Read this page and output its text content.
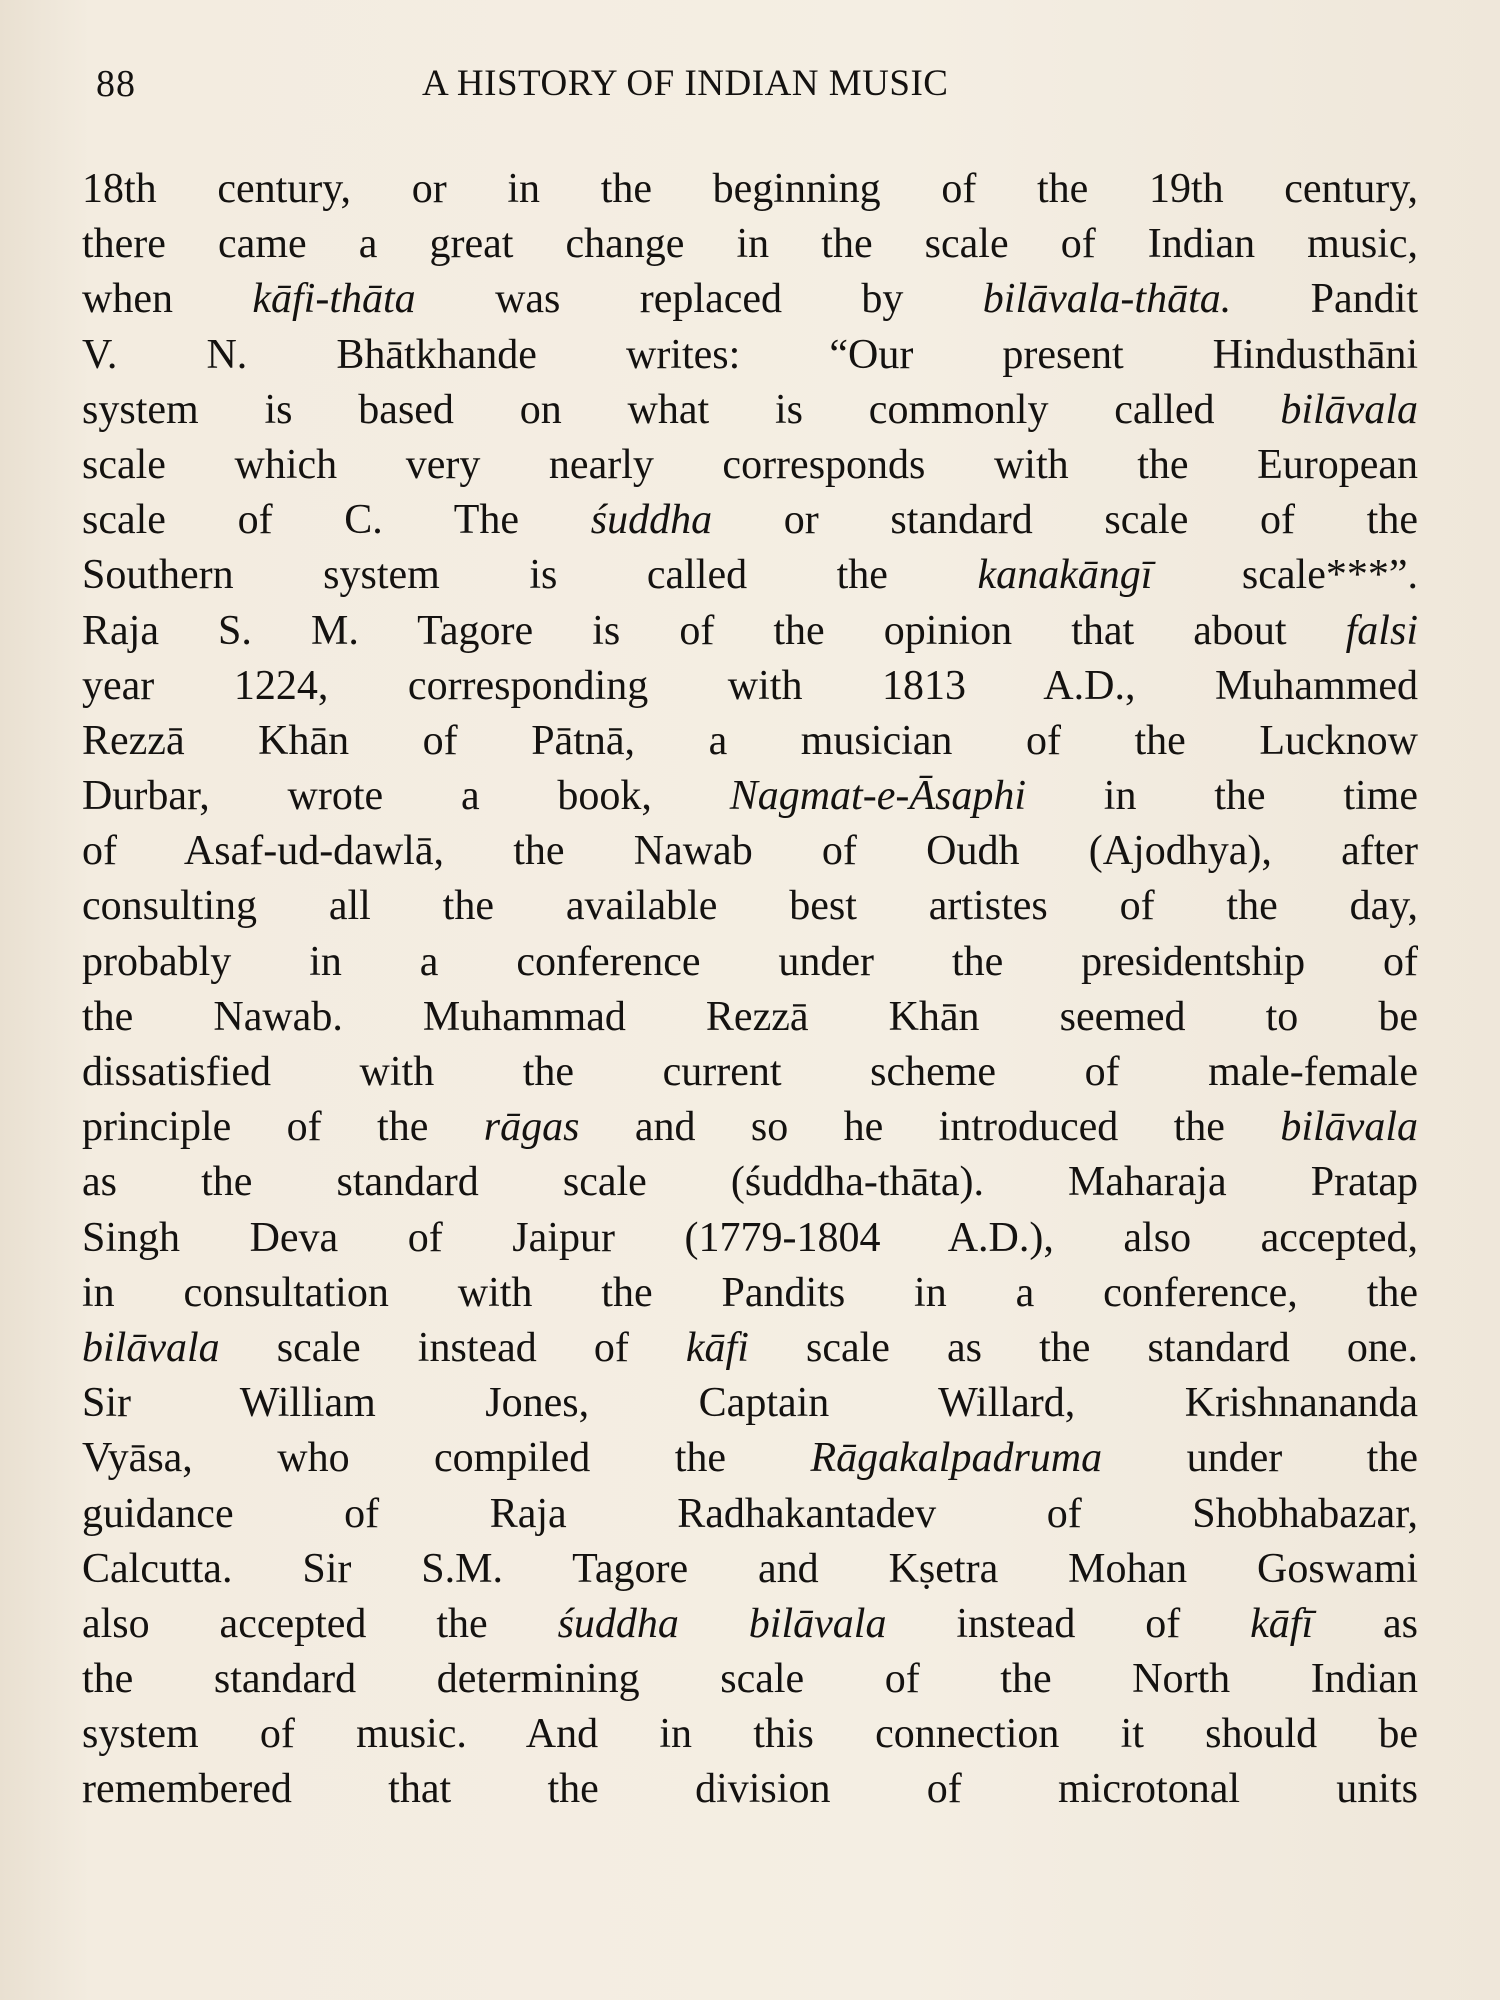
88	A HISTORY OF INDIAN MUSIC
18th century, or in the beginning of the 19th century,
there came a great change in the scale of Indian music,
when kāfi-thāta was replaced by bilāvala-thāta. Pandit
V. N. Bhātkhande writes: “Our present Hindusthāni
system is based on what is commonly called bilāvala
scale which very nearly corresponds with the European
scale of C. The śuddha or standard scale of the
Southern system is called the kanakāngī scale***”.
Raja S. M. Tagore is of the opinion that about falsi
year 1224, corresponding with 1813 A.D., Muhammed
Rezzā Khān of Pātnā, a musician of the Lucknow
Durbar, wrote a book, Nagmat-e-Āsaphi in the time
of Asaf-ud-dawlā, the Nawab of Oudh (Ajodhya), after
consulting all the available best artistes of the day,
probably in a conference under the presidentship of
the Nawab. Muhammad Rezzā Khān seemed to be
dissatisfied with the current scheme of male-female
principle of the rāgas and so he introduced the bilāvala
as the standard scale (śuddha-thāta). Maharaja Pratap
Singh Deva of Jaipur (1779-1804 A.D.), also accepted,
in consultation with the Pandits in a conference, the
bilāvala scale instead of kāfi scale as the standard one.
Sir William Jones, Captain Willard, Krishnananda
Vyāsa, who compiled the Rāgakalpadruma under the
guidance of Raja Radhakantadev of Shobhabazar,
Calcutta. Sir S.M. Tagore and Kṣetra Mohan Goswami
also accepted the śuddha bilāvala instead of kāfī as
the standard determining scale of the North Indian
system of music. And in this connection it should be
remembered that the division of microtonal units
